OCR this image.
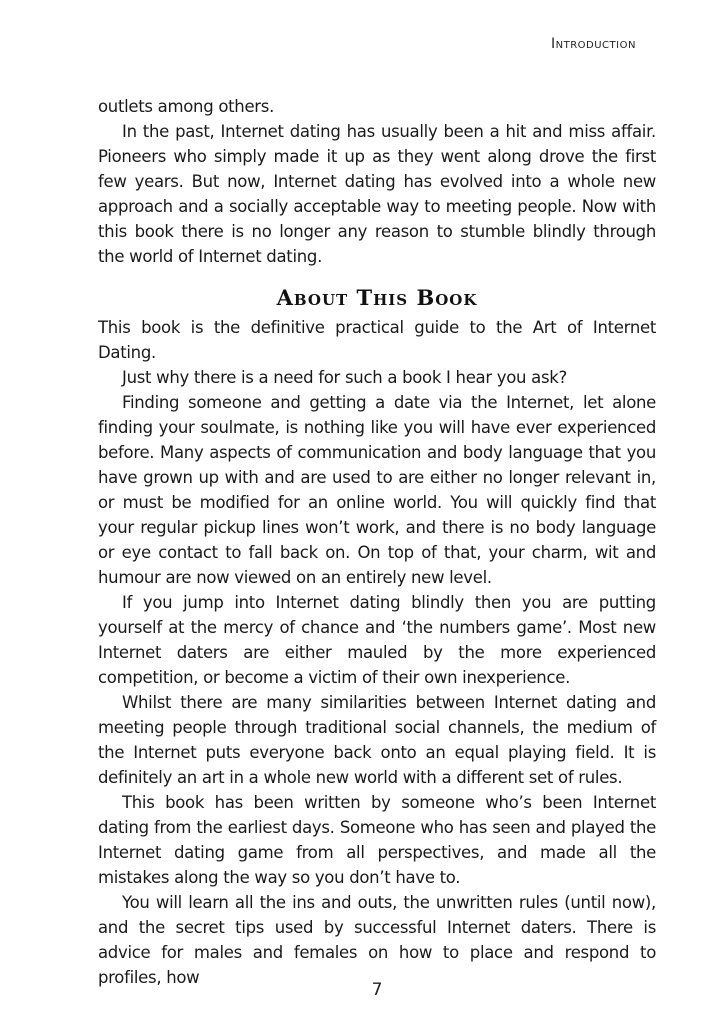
Introduction

outlets among others.

In the past, Internet dating has usually been a hit and miss affair. Pioneers who simply made it up as they went along drove the first few years. But now, Internet dating has evolved into a whole new approach and a socially acceptable way to meeting people. Now with this book there is no longer any reason to stumble blindly through the world of Internet dating.

About This Book

This book is the definitive practical guide to the Art of Internet Dating.

Just why there is a need for such a book I hear you ask?

Finding someone and getting a date via the Internet, let alone finding your soulmate, is nothing like you will have ever experienced before. Many aspects of communication and body language that you have grown up with and are used to are either no longer relevant in, or must be modified for an online world. You will quickly find that your regular pickup lines won’t work, and there is no body language or eye contact to fall back on. On top of that, your charm, wit and humour are now viewed on an entirely new level.

If you jump into Internet dating blindly then you are putting yourself at the mercy of chance and ‘the numbers game’. Most new Internet daters are either mauled by the more experienced competition, or become a victim of their own inexperience.

Whilst there are many similarities between Internet dating and meeting people through traditional social channels, the medium of the Internet puts everyone back onto an equal playing field. It is definitely an art in a whole new world with a different set of rules.

This book has been written by someone who’s been Internet dating from the earliest days. Someone who has seen and played the Internet dating game from all perspectives, and made all the mistakes along the way so you don’t have to.

You will learn all the ins and outs, the unwritten rules (until now), and the secret tips used by successful Internet daters. There is advice for males and females on how to place and respond to profiles, how

7
